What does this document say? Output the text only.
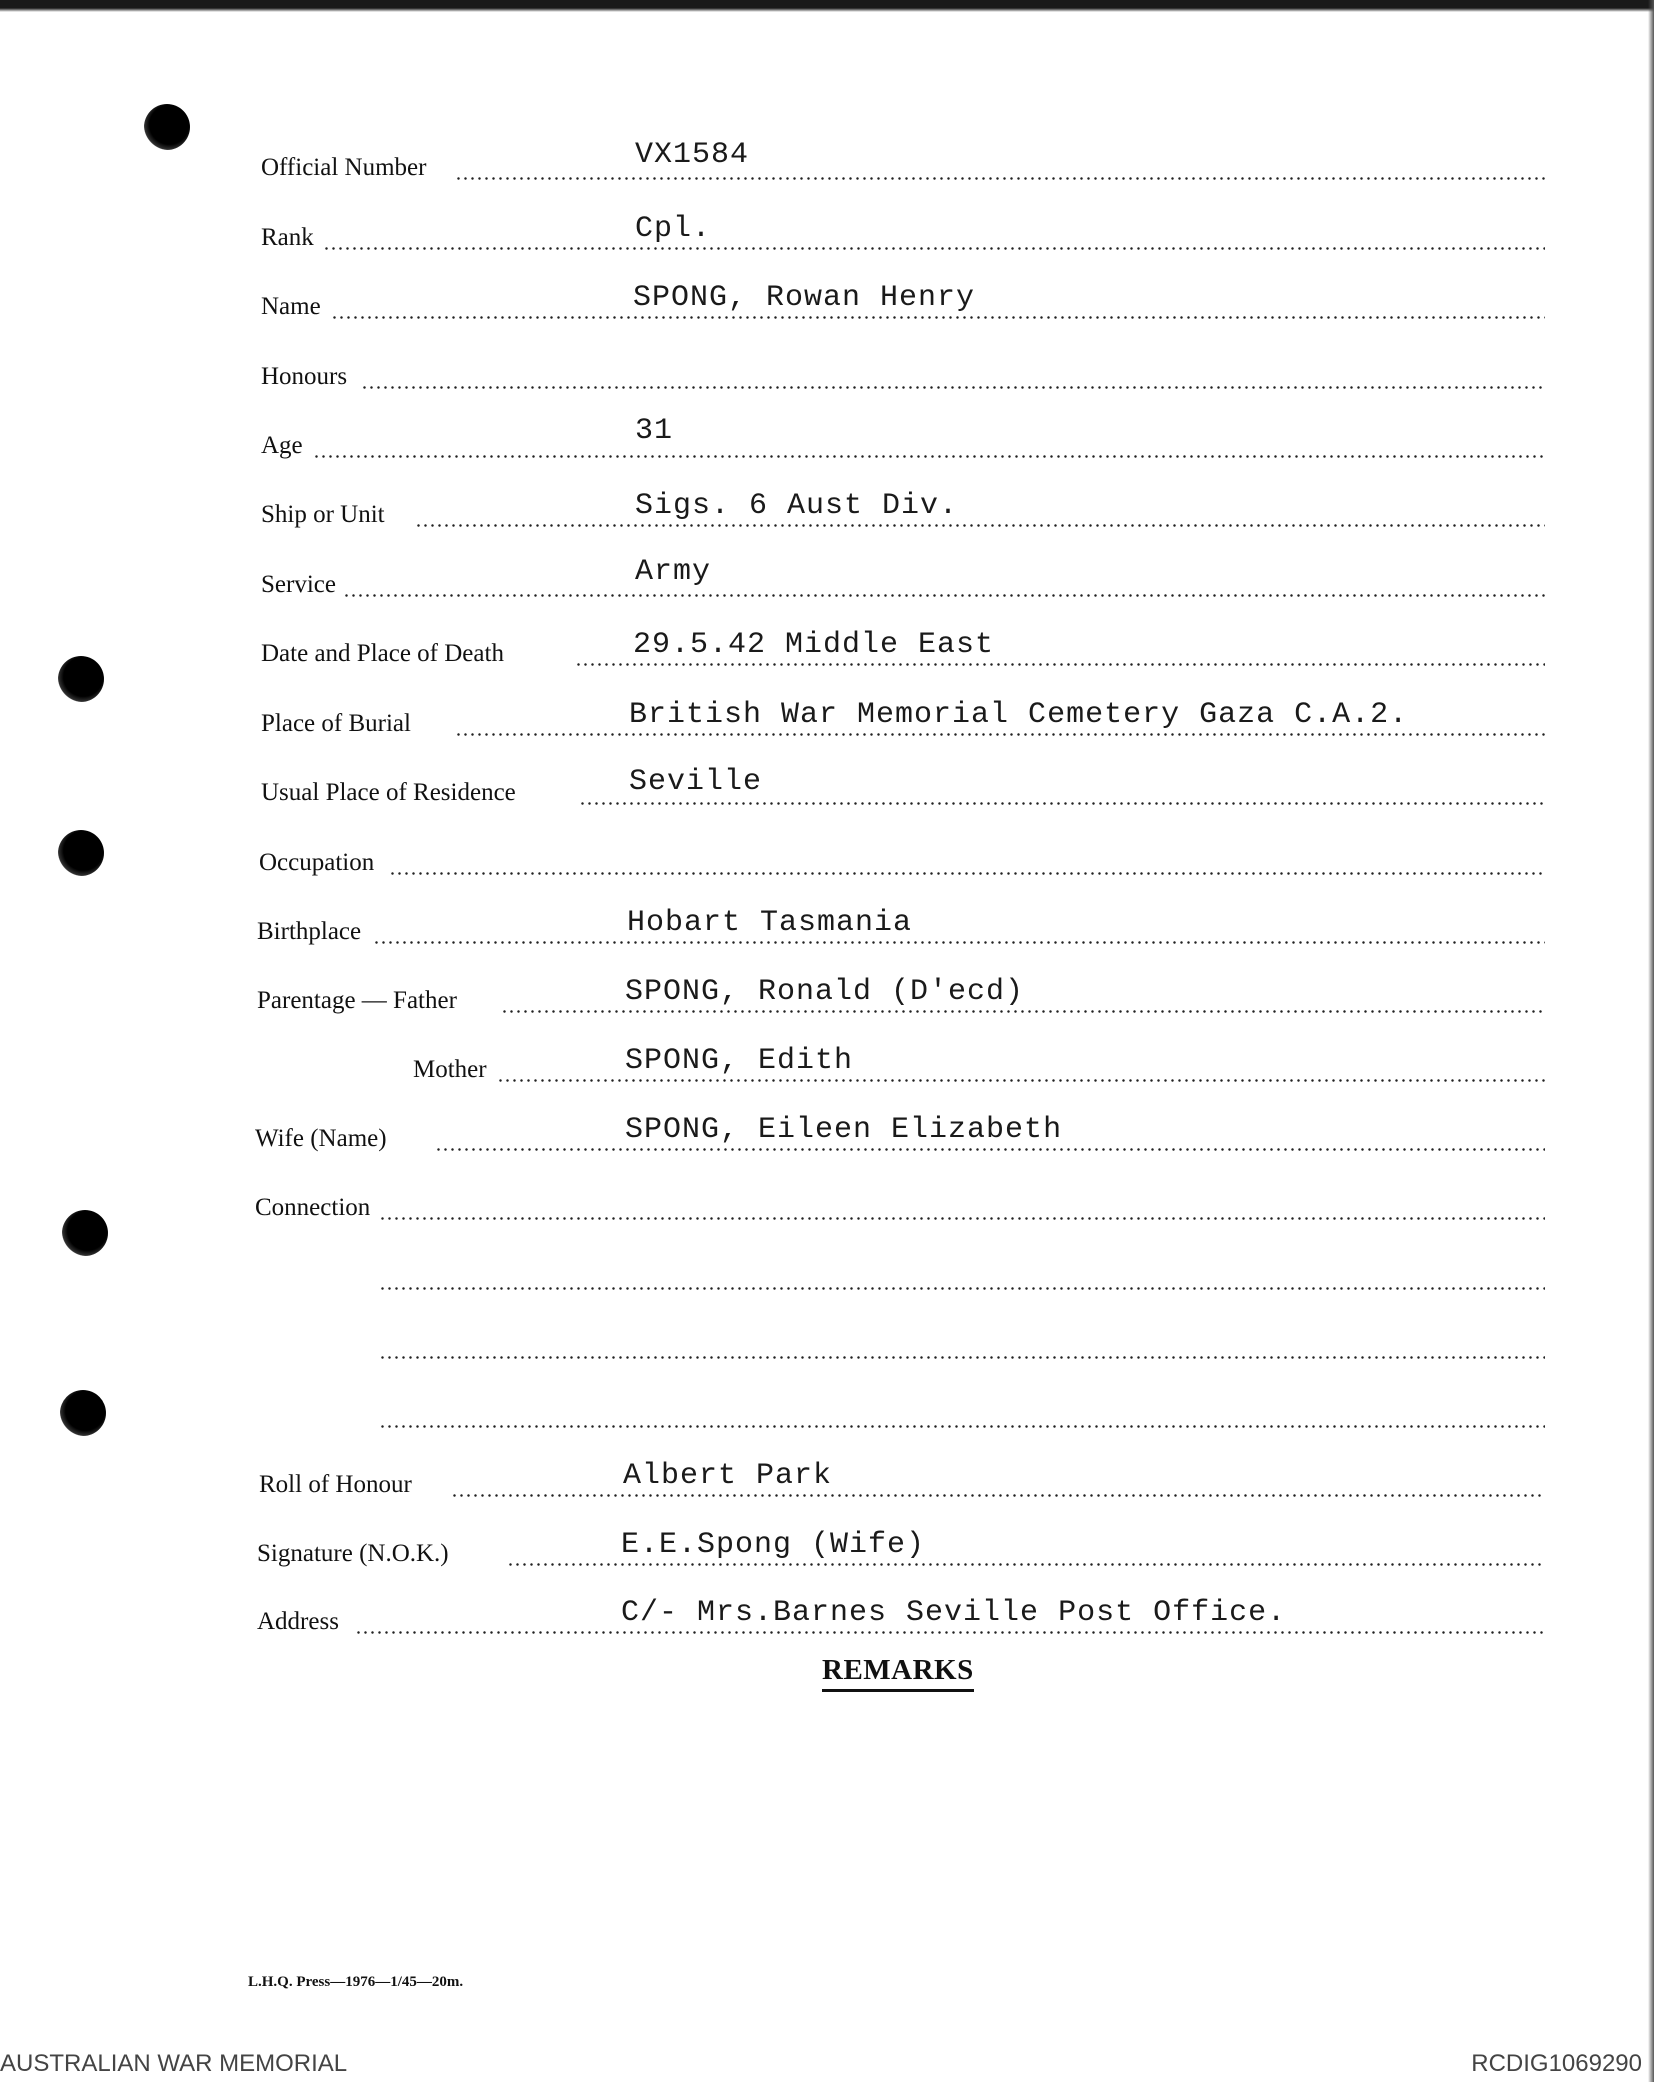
Official Number	VX1584
Rank	Cpl.
Name	SPONG, Rowan Henry
Honours
Age	31
Ship or Unit	Sigs. 6 Aust Div.
Service	Army
Date and Place of Death	29.5.42 Middle East
Place of Burial	British War Memorial Cemetery Gaza C.A.2.
Usual Place of Residence	Seville
Occupation
Birthplace	Hobart Tasmania
Parentage — Father	SPONG, Ronald (D'ecd)
Mother	SPONG, Edith
Wife (Name)	SPONG, Eileen Elizabeth
Connection
Roll of Honour	Albert Park
Signature (N.O.K.)	E.E.Spong (Wife)
Address	C/- Mrs.Barnes Seville Post Office.
REMARKS
L.H.Q. Press—1976—1/45—20m.
AUSTRALIAN WAR MEMORIAL	RCDIG1069290
